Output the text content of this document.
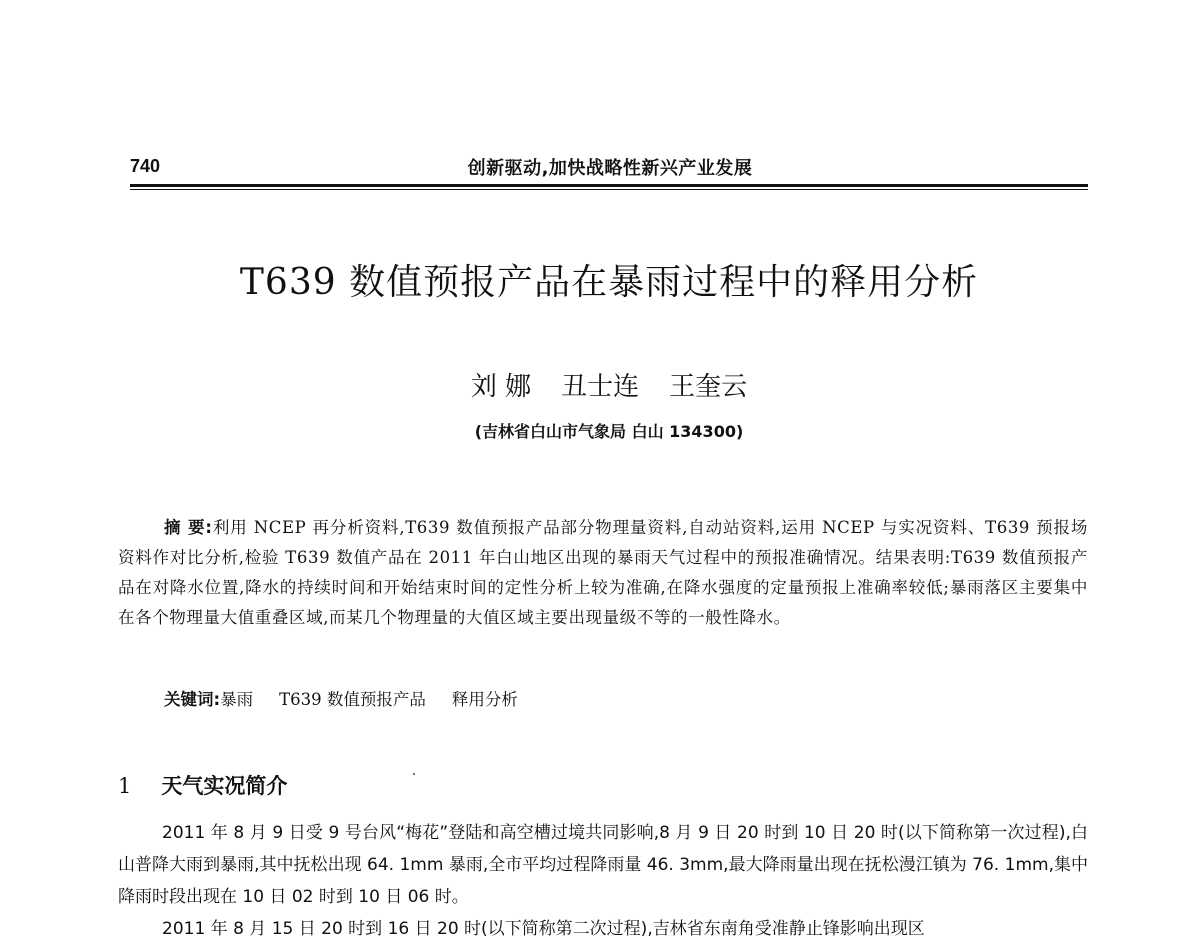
740	创新驱动,加快战略性新兴产业发展
T639 数值预报产品在暴雨过程中的释用分析
刘 娜 丑士连 王奎云
(吉林省白山市气象局 白山 134300)
摘 要:利用 NCEP 再分析资料,T639 数值预报产品部分物理量资料,自动站资料,运用 NCEP 与实况资料、T639 预报场资料作对比分析,检验 T639 数值产品在 2011 年白山地区出现的暴雨天气过程中的预报准确情况。结果表明:T639 数值预报产品在对降水位置,降水的持续时间和开始结束时间的定性分析上较为准确,在降水强度的定量预报上准确率较低;暴雨落区主要集中在各个物理量大值重叠区域,而某几个物理量的大值区域主要出现量级不等的一般性降水。
关键词:暴雨 T639 数值预报产品 释用分析
1 天气实况简介
2011 年 8 月 9 日受 9 号台风“梅花”登陆和高空槽过境共同影响,8 月 9 日 20 时到 10 日 20 时(以下简称第一次过程),白山普降大雨到暴雨,其中抚松出现 64. 1mm 暴雨,全市平均过程降雨量 46. 3mm,最大降雨量出现在抚松漫江镇为 76. 1mm,集中降雨时段出现在 10 日 02 时到 10 日 06 时。
2011 年 8 月 15 日 20 时到 16 日 20 时(以下简称第二次过程),吉林省东南角受准静止锋影响出现区
